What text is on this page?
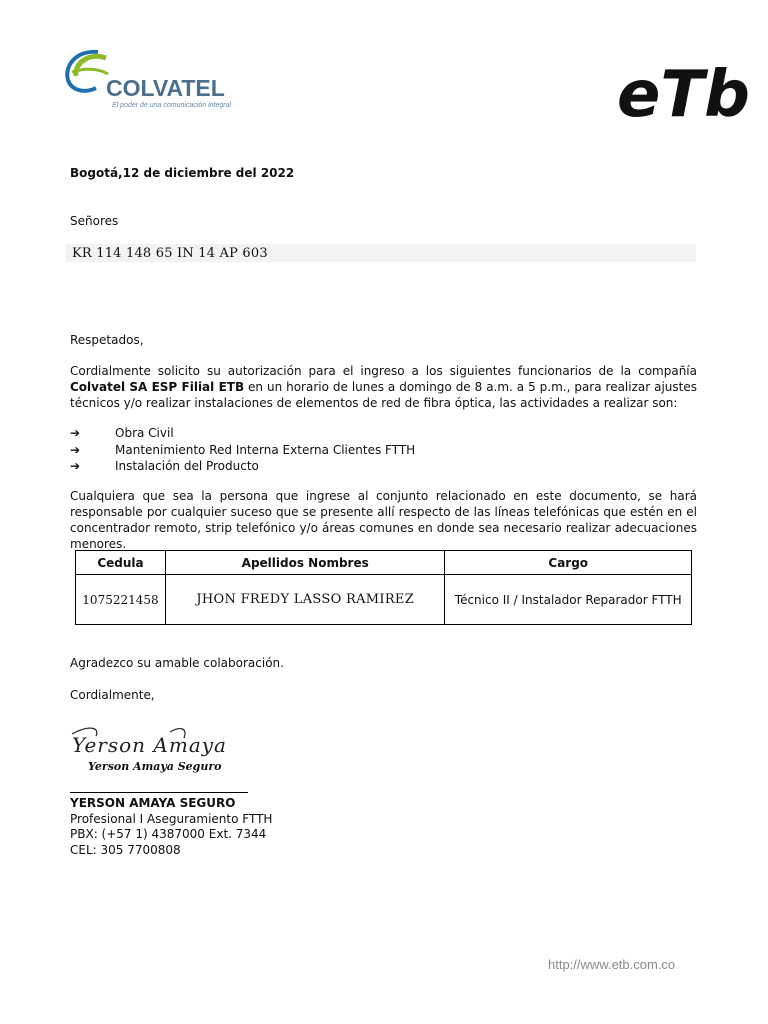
COLVATEL
El poder de una comunicación integral	eTb
Bogotá,12 de diciembre del 2022
Señores
KR 114 148 65 IN 14 AP 603
Respetados,
Cordialmente solicito su autorización para el ingreso a los siguientes funcionarios de la compañía Colvatel SA ESP Filial ETB en un horario de lunes a domingo de 8 a.m. a 5 p.m., para realizar ajustes técnicos y/o realizar instalaciones de elementos de red de fibra óptica, las actividades a realizar son:
➔	Obra Civil
➔	Mantenimiento Red Interna Externa Clientes FTTH
➔	Instalación del Producto
Cualquiera que sea la persona que ingrese al conjunto relacionado en este documento, se hará responsable por cualquier suceso que se presente allí respecto de las líneas telefónicas que estén en el concentrador remoto, strip telefónico y/o áreas comunes en donde sea necesario realizar adecuaciones menores.
Cedula	Apellidos Nombres	Cargo
1075221458	JHON FREDY LASSO RAMIREZ	Técnico II / Instalador Reparador FTTH
Agradezco su amable colaboración.
Cordialmente,
Yerson Amaya
Yerson Amaya Seguro
YERSON AMAYA SEGURO
Profesional I Aseguramiento FTTH
PBX: (+57 1) 4387000 Ext. 7344
CEL: 305 7700808
http://www.etb.com.co
